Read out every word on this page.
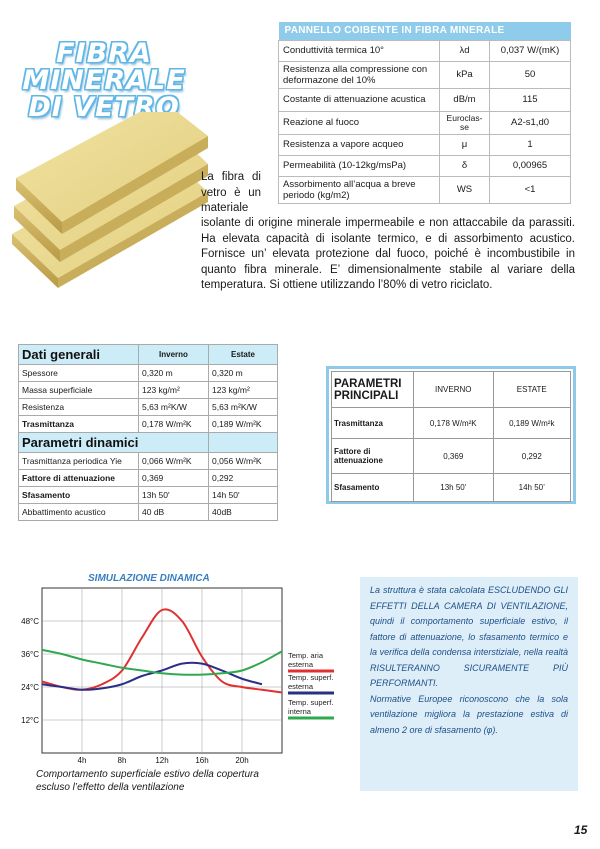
FIBRA
MINERALE
DI VETRO
PANNELLO COIBENTE IN FIBRA MINERALE		
Conduttività termica 10°	λd	0,037 W/(mK)
Resistenza alla compressione con deformazone del 10%	kPa	50
Costante di attenuazione acustica	dB/m	115
Reazione al fuoco	Euroclas-se	A2-s1,d0
Resistenza a vapore acqueo	μ	1
Permeabilità (10-12kg/msPa)	δ	0,00965
Assorbimento all’acqua a breve periodo (kg/m2)	WS	<1
La fibra di vetro è un materiale
isolante di origine minerale impermeabile e non attaccabile da parassiti. Ha elevata capacità di isolante termico, e di assorbimento acustico. Fornisce un’ elevata protezione dal fuoco, poiché è incombustibile in quanto fibra minerale. E’ dimensionalmente stabile al variare della temperatura. Si ottiene utilizzando l’80% di vetro riciclato.
Dati generali	Inverno	Estate
Spessore	0,320 m	0,320 m
Massa superficiale	123 kg/m²	123 kg/m²
Resistenza	5,63 m²K/W	5,63 m²K/W
Trasmittanza	0,178 W/m²K	0,189 W/m²K
Parametri dinamici		
Trasmittanza periodica Yie	0,066 W/m²K	0,056 W/m²K
Fattore di attenuazione	0,369	0,292
Sfasamento	13h 50'	14h 50'
Abbattimento acustico	40 dB	40dB
PARAMETRI PRINCIPALI	INVERNO	ESTATE
Trasmittanza	0,178 W/m²K	0,189 W/m²k
Fattore di attenuazione	0,369	0,292
Sfasamento	13h 50'	14h 50’
SIMULAZIONE DINAMICA
4h	8h	12h	16h	20h
48°C
36°C
24°C
12°C
Temp. aria esterna
Temp. superf. esterna
Temp. superf. interna
Comportamento superficiale estivo della copertura escluso l’effetto della ventilazione

La struttura è stata calcolata ESCLUDENDO GLI EFFETTI DELLA CAMERA DI VENTILAZIONE, quindi il comportamento superficiale estivo, il fattore di attenuazione, lo sfasamento termico e la verifica della condensa interstiziale, nella realtà RISULTERANNO SICURAMENTE PIÙ PERFORMANTI.

Normative Europee riconoscono che la sola ventilazione migliora la prestazione estiva di almeno 2 ore di sfasamento (φ).

15
